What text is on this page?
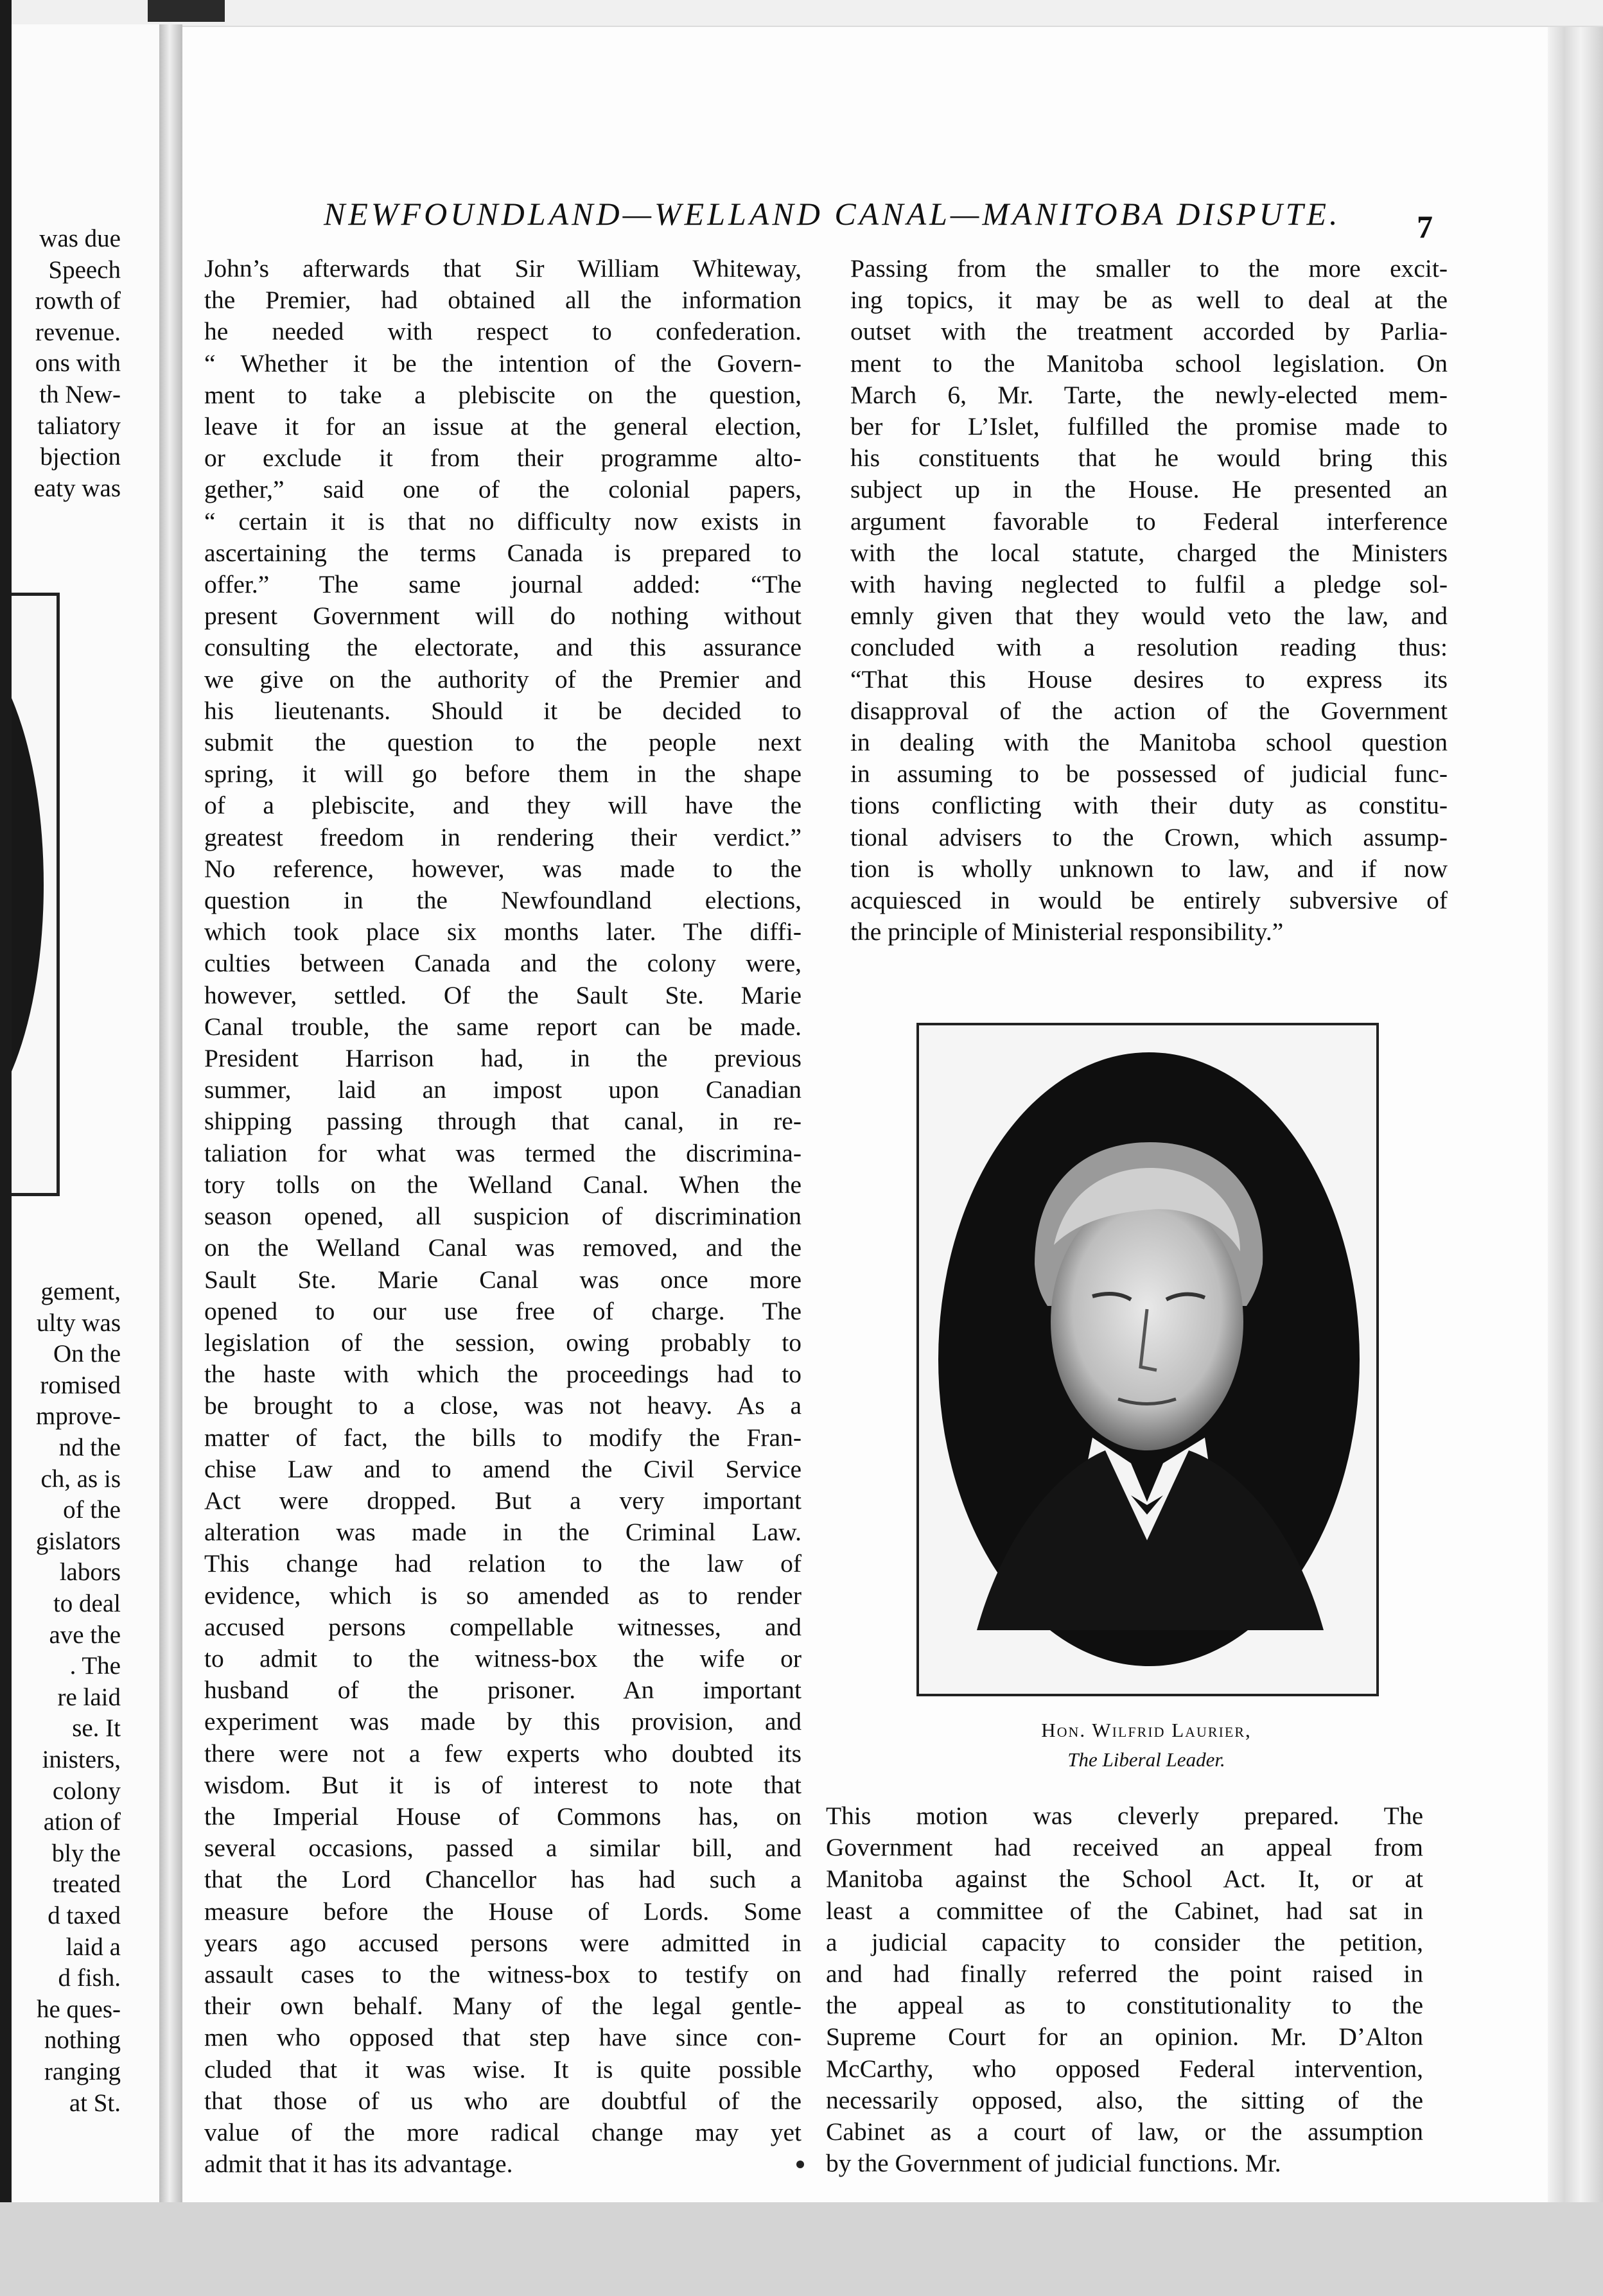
was due
Speech
rowth of
revenue.
ons with
th New-
taliatory
bjection
eaty was
gement,
ulty was
On the
romised
mprove-
nd the
ch, as is
of the
gislators
labors
to deal
ave the
. The
re laid
se. It
inisters,
colony
ation of
bly the
treated
d taxed
laid a
d fish.
he ques-
nothing
ranging
at St.
NEWFOUNDLAND—WELLAND CANAL—MANITOBA DISPUTE.	7
John’s afterwards that Sir William Whiteway,
the Premier, had obtained all the information
he needed with respect to confederation.
“ Whether it be the intention of the Govern-
ment to take a plebiscite on the question,
leave it for an issue at the general election,
or exclude it from their programme alto-
gether,” said one of the colonial papers,
“ certain it is that no difficulty now exists in
ascertaining the terms Canada is prepared to
offer.” The same journal added: “The
present Government will do nothing without
consulting the electorate, and this assurance
we give on the authority of the Premier and
his lieutenants. Should it be decided to
submit the question to the people next
spring, it will go before them in the shape
of a plebiscite, and they will have the
greatest freedom in rendering their verdict.”
No reference, however, was made to the
question in the Newfoundland elections,
which took place six months later. The diffi-
culties between Canada and the colony were,
however, settled. Of the Sault Ste. Marie
Canal trouble, the same report can be made.
President Harrison had, in the previous
summer, laid an impost upon Canadian
shipping passing through that canal, in re-
taliation for what was termed the discrimina-
tory tolls on the Welland Canal. When the
season opened, all suspicion of discrimination
on the Welland Canal was removed, and the
Sault Ste. Marie Canal was once more
opened to our use free of charge. The
legislation of the session, owing probably to
the haste with which the proceedings had to
be brought to a close, was not heavy. As a
matter of fact, the bills to modify the Fran-
chise Law and to amend the Civil Service
Act were dropped. But a very important
alteration was made in the Criminal Law.
This change had relation to the law of
evidence, which is so amended as to render
accused persons compellable witnesses, and
to admit to the witness-box the wife or
husband of the prisoner. An important
experiment was made by this provision, and
there were not a few experts who doubted its
wisdom. But it is of interest to note that
the Imperial House of Commons has, on
several occasions, passed a similar bill, and
that the Lord Chancellor has had such a
measure before the House of Lords. Some
years ago accused persons were admitted in
assault cases to the witness-box to testify on
their own behalf. Many of the legal gentle-
men who opposed that step have since con-
cluded that it was wise. It is quite possible
that those of us who are doubtful of the
value of the more radical change may yet
admit that it has its advantage.
Passing from the smaller to the more excit-
ing topics, it may be as well to deal at the
outset with the treatment accorded by Parlia-
ment to the Manitoba school legislation. On
March 6, Mr. Tarte, the newly-elected mem-
ber for L’Islet, fulfilled the promise made to
his constituents that he would bring this
subject up in the House. He presented an
argument favorable to Federal interference
with the local statute, charged the Ministers
with having neglected to fulfil a pledge sol-
emnly given that they would veto the law, and
concluded with a resolution reading thus:
“That this House desires to express its
disapproval of the action of the Government
in dealing with the Manitoba school question
in assuming to be possessed of judicial func-
tions conflicting with their duty as constitu-
tional advisers to the Crown, which assump-
tion is wholly unknown to law, and if now
acquiesced in would be entirely subversive of
the principle of Ministerial responsibility.”
This motion was cleverly prepared. The
Government had received an appeal from
Manitoba against the School Act. It, or at
least a committee of the Cabinet, had sat in
a judicial capacity to consider the petition,
and had finally referred the point raised in
the appeal as to constitutionality to the
Supreme Court for an opinion. Mr. D’Alton
McCarthy, who opposed Federal intervention,
necessarily opposed, also, the sitting of the
Cabinet as a court of law, or the assumption
by the Government of judicial functions. Mr.
Hon. Wilfrid Laurier,
The Liberal Leader.
